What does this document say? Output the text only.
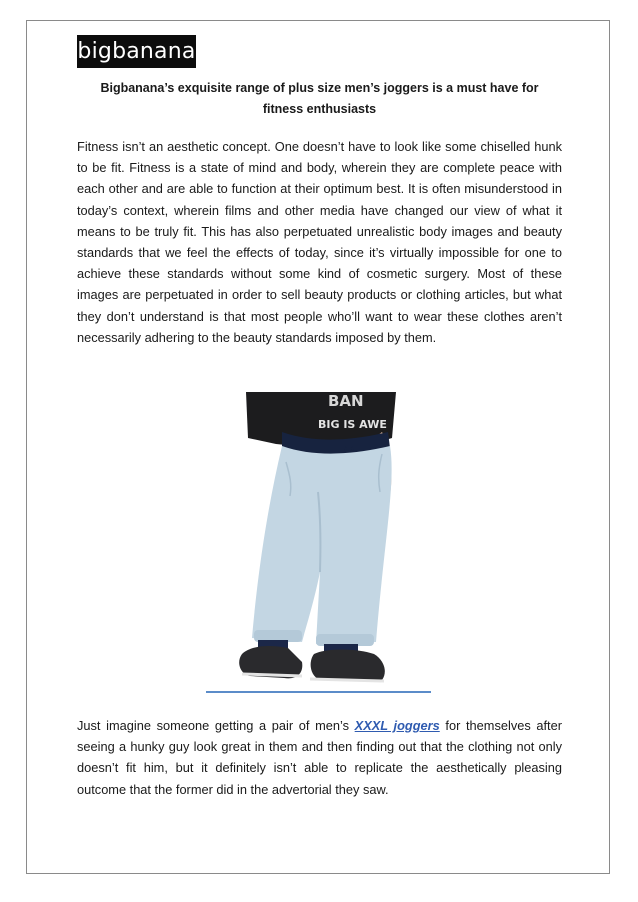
bigbanana
Bigbanana’s exquisite range of plus size men’s joggers is a must have for
fitness enthusiasts

Fitness isn’t an aesthetic concept. One doesn’t have to look like some chiselled hunk to be fit. Fitness is a state of mind and body, wherein they are complete peace with each other and are able to function at their optimum best. It is often misunderstood in today’s context, wherein films and other media have changed our view of what it means to be truly fit. This has also perpetuated unrealistic body images and beauty standards that we feel the effects of today, since it’s virtually impossible for one to achieve these standards without some kind of cosmetic surgery. Most of these images are perpetuated in order to sell beauty products or clothing articles, but what they don’t understand is that most people who’ll want to wear these clothes aren’t necessarily adhering to the beauty standards imposed by them.

BAN
BIG IS AWE

Just imagine someone getting a pair of men’s XXXL joggers for themselves after seeing a hunky guy look great in them and then finding out that the clothing not only doesn’t fit him, but it definitely isn’t able to replicate the aesthetically pleasing outcome that the former did in the advertorial they saw.
